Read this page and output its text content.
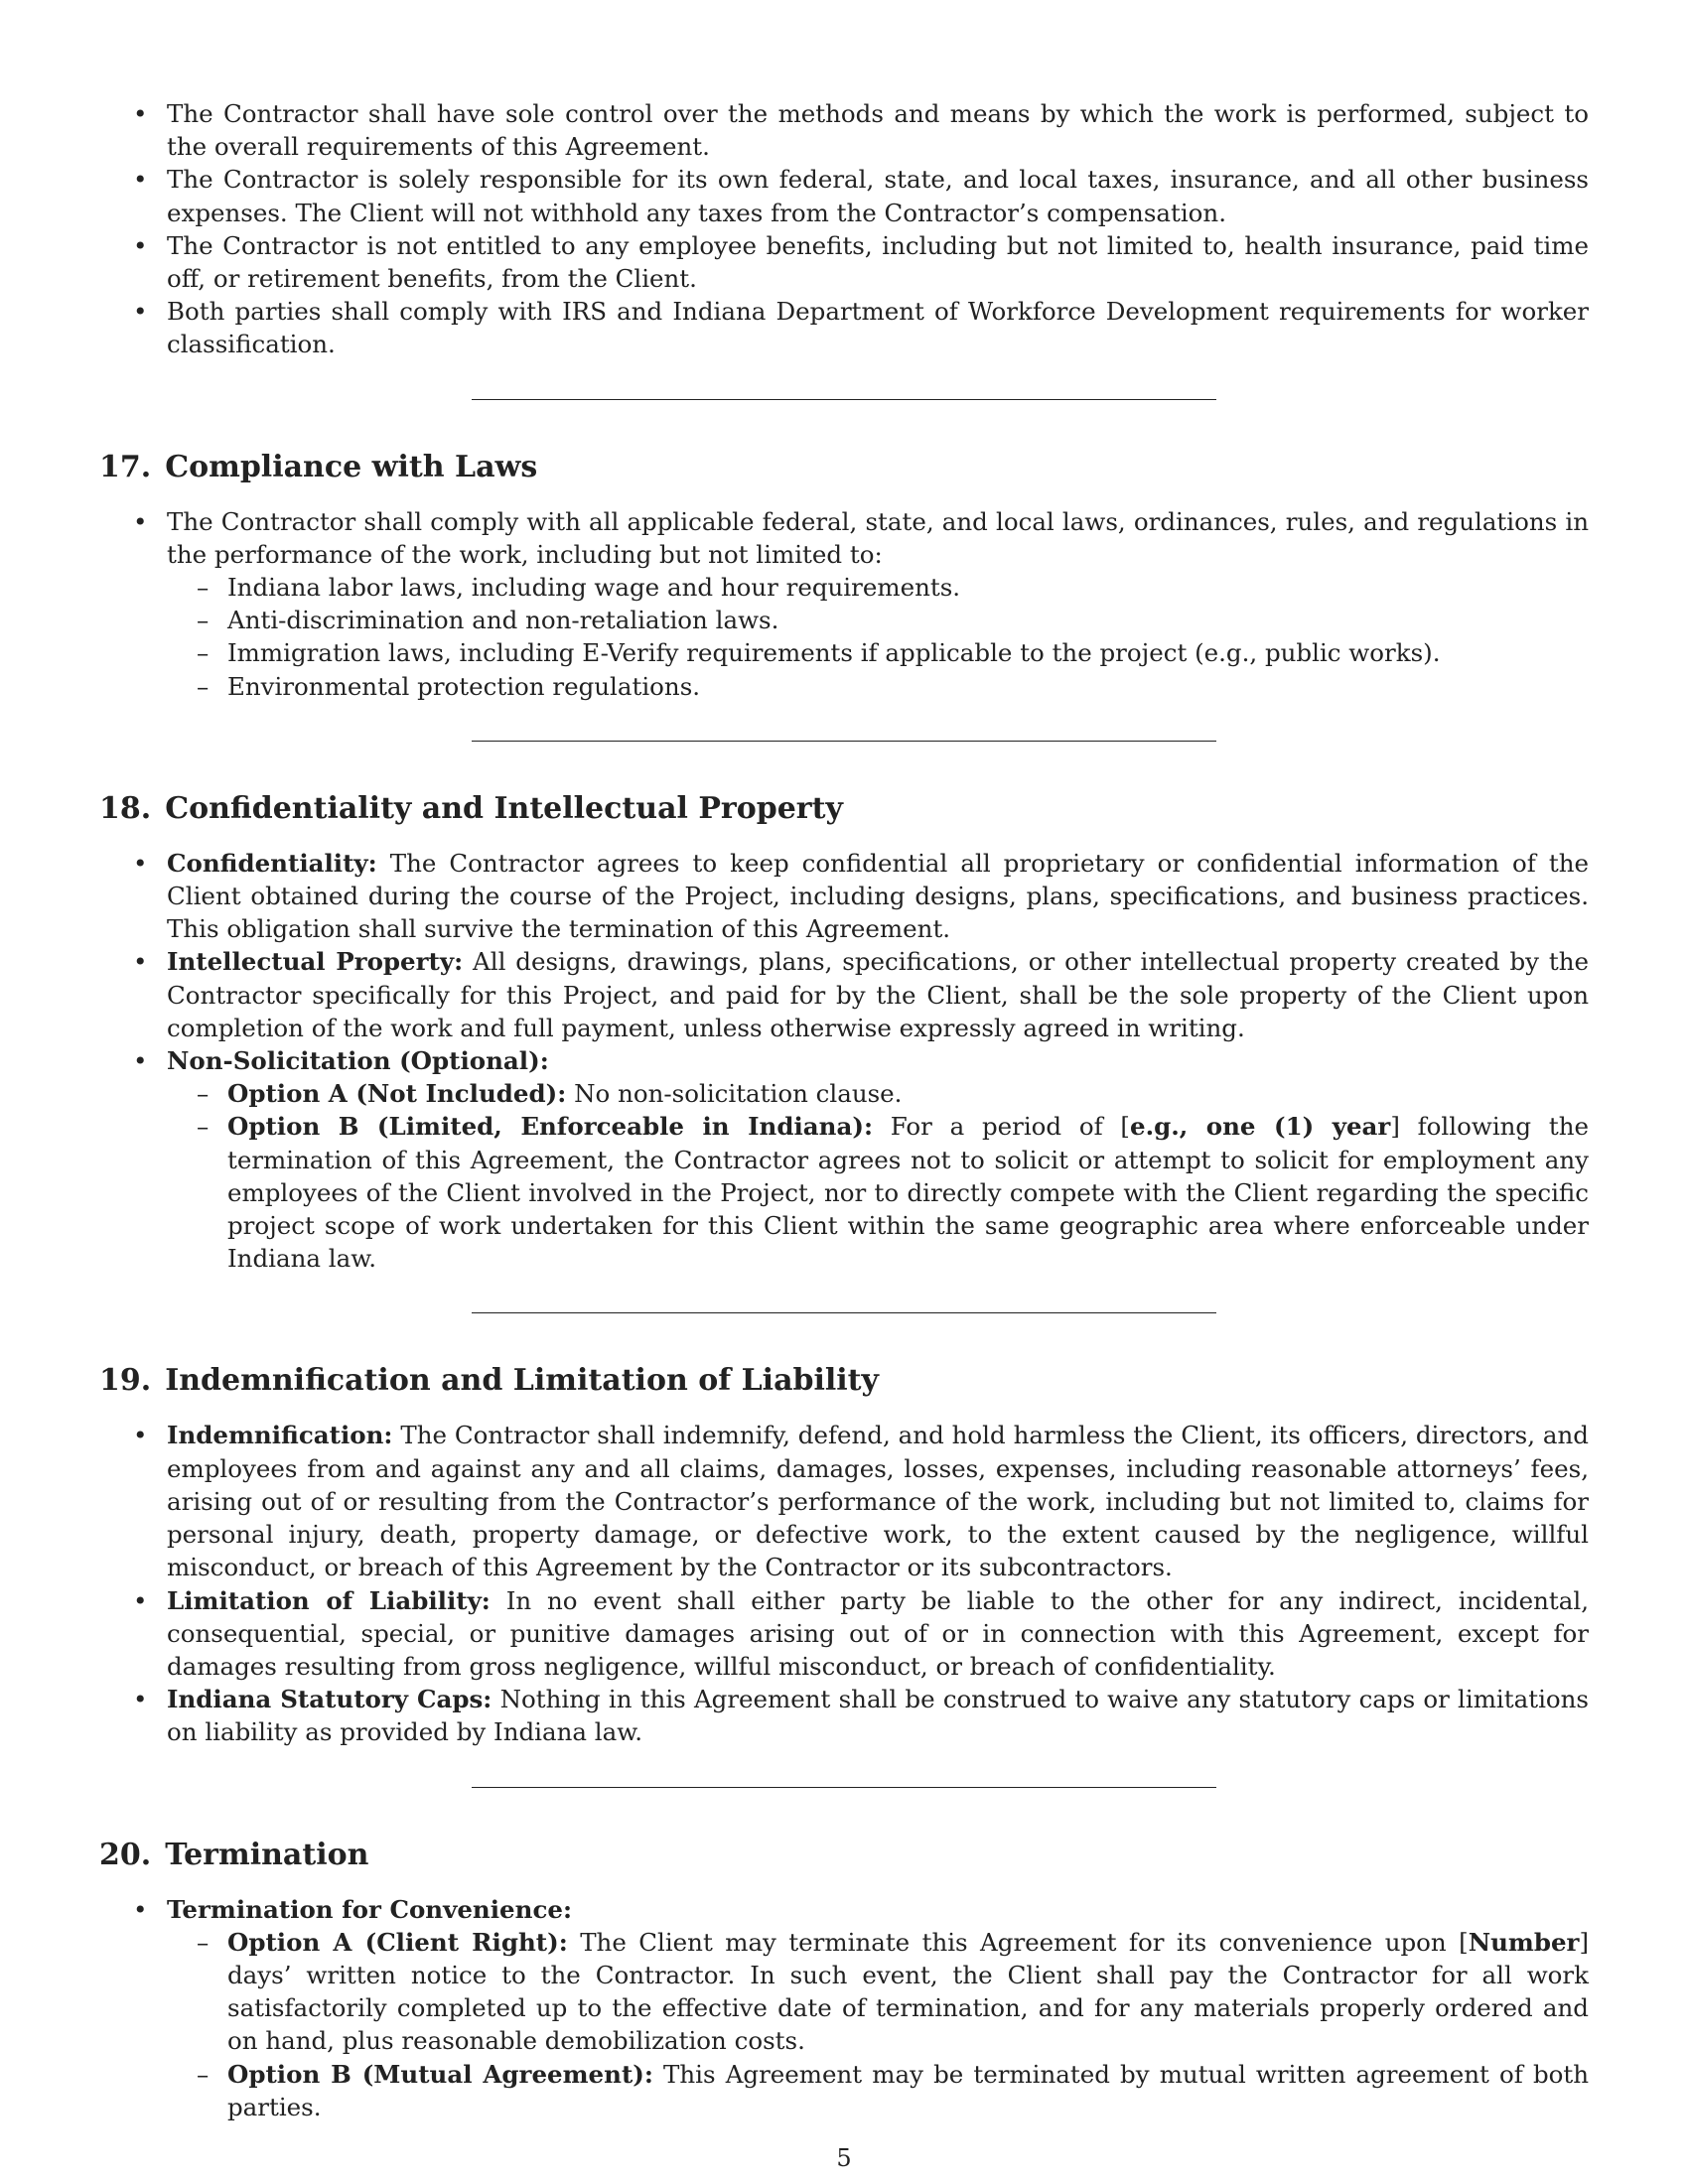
• The Contractor shall have sole control over the methods and means by which the work is performed, subject to the overall requirements of this Agreement.
• The Contractor is solely responsible for its own federal, state, and local taxes, insurance, and all other business expenses. The Client will not withhold any taxes from the Contractor’s compensation.
• The Contractor is not entitled to any employee benefits, including but not limited to, health insurance, paid time off, or retirement benefits, from the Client.
• Both parties shall comply with IRS and Indiana Department of Workforce Development requirements for worker classification.
17. Compliance with Laws
• The Contractor shall comply with all applicable federal, state, and local laws, ordinances, rules, and regulations in the performance of the work, including but not limited to:
– Indiana labor laws, including wage and hour requirements.
– Anti-discrimination and non-retaliation laws.
– Immigration laws, including E-Verify requirements if applicable to the project (e.g., public works).
– Environmental protection regulations.
18. Confidentiality and Intellectual Property
• Confidentiality: The Contractor agrees to keep confidential all proprietary or confidential information of the Client obtained during the course of the Project, including designs, plans, specifications, and business practices. This obligation shall survive the termination of this Agreement.
• Intellectual Property: All designs, drawings, plans, specifications, or other intellectual property created by the Contractor specifically for this Project, and paid for by the Client, shall be the sole property of the Client upon completion of the work and full payment, unless otherwise expressly agreed in writing.
• Non-Solicitation (Optional):
– Option A (Not Included): No non-solicitation clause.
– Option B (Limited, Enforceable in Indiana): For a period of [e.g., one (1) year] following the termination of this Agreement, the Contractor agrees not to solicit or attempt to solicit for employment any employees of the Client involved in the Project, nor to directly compete with the Client regarding the specific project scope of work undertaken for this Client within the same geographic area where enforceable under Indiana law.
19. Indemnification and Limitation of Liability
• Indemnification: The Contractor shall indemnify, defend, and hold harmless the Client, its officers, directors, and employees from and against any and all claims, damages, losses, expenses, including reasonable attorneys’ fees, arising out of or resulting from the Contractor’s performance of the work, including but not limited to, claims for personal injury, death, property damage, or defective work, to the extent caused by the negligence, willful misconduct, or breach of this Agreement by the Contractor or its subcontractors.
• Limitation of Liability: In no event shall either party be liable to the other for any indirect, incidental, consequential, special, or punitive damages arising out of or in connection with this Agreement, except for damages resulting from gross negligence, willful misconduct, or breach of confidentiality.
• Indiana Statutory Caps: Nothing in this Agreement shall be construed to waive any statutory caps or limitations on liability as provided by Indiana law.
20. Termination
• Termination for Convenience:
– Option A (Client Right): The Client may terminate this Agreement for its convenience upon [Number] days’ written notice to the Contractor. In such event, the Client shall pay the Contractor for all work satisfactorily completed up to the effective date of termination, and for any materials properly ordered and on hand, plus reasonable demobilization costs.
– Option B (Mutual Agreement): This Agreement may be terminated by mutual written agreement of both parties.
5
